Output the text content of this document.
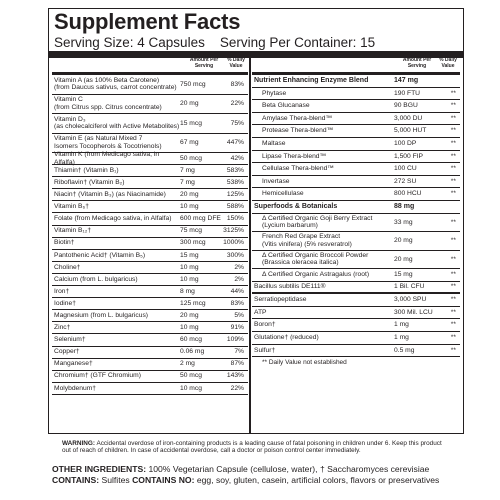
Supplement Facts
Serving Size: 4 Capsules    Serving Per Container: 15
Amount Per Serving
% Daily Value
Vitamin A (as 100% Beta Carotene)
(from Daucus sativus, carrot concentrate)
750 mcg	83%
Vitamin C
(from Citrus spp. Citrus concentrate)
20 mg	22%
Vitamin D₃
(as cholecalciferol with Active Metabolites)
15 mcg	75%
Vitamin E (as Natural Mixed 7
Isomers Tocopherols & Tocotrienols)
67 mg	447%
Vitamin K (from Medicago sativa, in Alfalfa)
50 mcg	42%
Thiamin† (Vitamin B₁)	7 mg	583%
Riboflavin† (Vitamin B₂)	7 mg	538%
Niacin† (Vitamin B₃) (as Niacinamide)	20 mg	125%
Vitamin B₆†	10 mg	588%
Folate (from Medicago sativa, in Alfalfa)	600 mcg DFE 150%
Vitamin B₁₂†	75 mcg	3125%
Biotin†	300 mcg	1000%
Pantothenic Acid† (Vitamin B₅)	15 mg	300%
Choline†	10 mg	2%
Calcium (from L. bulgaricus)	10 mg	2%
Iron†	8 mg	44%
Iodine†	125 mcg	83%
Magnesium (from L. bulgaricus)	20 mg	5%
Zinc†	10 mg	91%
Selenium†	60 mcg	109%
Copper†	0.06 mg	7%
Manganese†	2 mg	87%
Chromium† (GTF Chromium)	50 mcg	143%
Molybdenum†	10 mcg	22%
Amount Per Serving
% Daily Value
Nutrient Enhancing Enzyme Blend	147 mg
Phytase	190 FTU	**
Beta Glucanase	90 BGU	**
Amylase Thera-blend™	3,000 DU	**
Protease Thera-blend™	5,000 HUT	**
Maltase	100 DP	**
Lipase Thera-blend™	1,500 FIP	**
Cellulase Thera-blend™	100 CU	**
Invertase	272 SU	**
Hemicellulase	800 HCU	**
Superfoods & Botanicals	88 mg
Δ Certified Organic Goji Berry Extract
(Lycium barbarum)
33 mg	**
French Red Grape Extract
(Vitis vinifera) (5% resveratrol)
20 mg	**
Δ Certified Organic Broccoli Powder
(Brassica oleracea italica)
20 mg	**
Δ Certified Organic Astragalus (root)	15 mg	**
Bacillus subtilis DE111®	1 Bil. CFU	**
Serratiopeptidase	3,000 SPU	**
ATP	300 Mil. LCU	**
Boron†	1 mg	**
Glutatione† (reduced)	1 mg	**
Sulfur†	0.5 mg	**
** Daily Value not established
WARNING: Accidental overdose of iron-containing products is a leading cause of fatal poisoning in children under 6. Keep this product out of reach of children. In case of accidental overdose, call a doctor or poison control center immediately.
OTHER INGREDIENTS: 100% Vegetarian Capsule (cellulose, water), † Saccharomyces cerevisiae
CONTAINS: Sulfites CONTAINS NO: egg, soy, gluten, casein, artificial colors, flavors or preservatives
